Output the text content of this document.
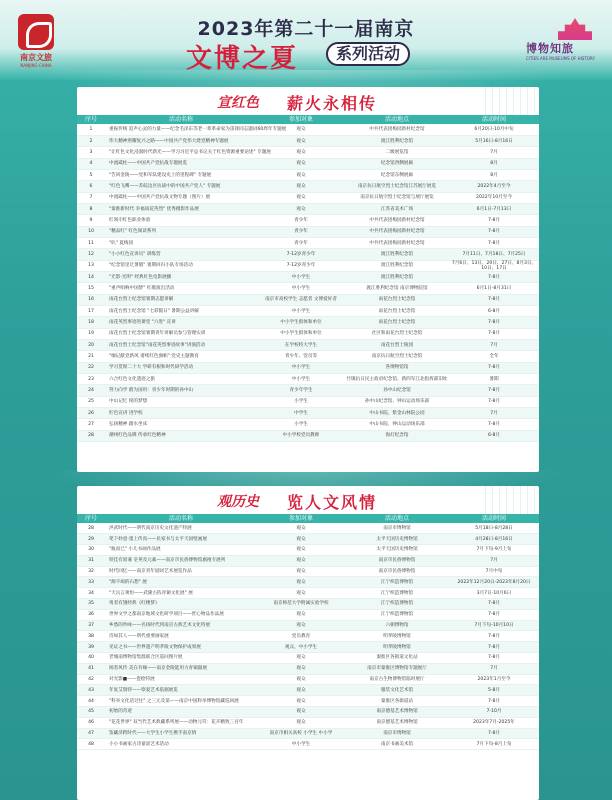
南京文旅
NANJING CHINA
2023年第二十一届南京
文博之夏	系列活动	博物知旅
CITIES ARE MUSEUMS OF HISTORY
宣红色 薪火永相传
序号	活动名称	参加对象	活动地点	活动时间
1	重振传统 追声心灵的力量——纪念毛泽东等老一辈革命家为雷锋同志题词60周年专题展	观众	中共代表团梅园新村纪念馆	6月20日-10月中旬
2	伟大精神照耀复兴之路——中国共产党伟大建党精神专题展	观众	渡江胜利纪念馆	5月16日-8月16日
3	"让红色文化浸润时代新光——学习习近平总书记关于红色资源重要论述" 专题展	观众	二级展览馆	7月
4	中流砥柱——中国共产党抗战专题展览	观众	纪念馆西侧展廊	8月
5	"告回金陵——党和军队建设史上的里程碑" 专题展	观众	纪念馆东侧展廊	8月
6	"红色飞鹰——苏皖边区抗战中的中国共产党人" 专题展	观众	南京抗日航空烈士纪念馆江苏展厅展览	2022年4月至今
7	中流砥柱——中国共产党抗战文物专题（图片）展	观众	南京抗日航空烈士纪念馆与展厅展览	2022年10月至今
8	"秦淮新时代 争福雨花英烈" 优秀摄影作品展	观众	江苏省美术广场	6月1日-7月13日
9	红领巾红色职业体验	青少年	中共代表团梅园新村纪念馆	7-8月
10	"精品红" 红色阅读系列	青少年	中共代表团梅园新村纪念馆	7-8月
11	"叭" 夏梅园	青少年	中共代表团梅园新村纪念馆	7-8月
12	"小小红色宣讲员" 训练营	7-12岁青少年	渡江胜利纪念馆	7月11日、7月18日、7月25日
13	"纪念馆里过暑假" 暑期回归小队专场活动	7-12岁青少年	渡江胜利纪念馆	7月6日、13日、20日、27日、8月3日、10日、17日
14	"光影·光明" 经典红色电影展播	中小学生	渡江胜利纪念馆	7-8月
15	"重声唱响中国梦" 红歌演出活动	中小学生	渡江胜利纪念馆 南京博物院馆	6月1日-8月31日
16	雨花台烈士纪念馆暑期志愿讲解	南京市高校学生 志愿者 文博爱好者	雨花台烈士纪念馆	7-8月
17	雨花台烈士纪念馆 "七彩假日" 暑期公益讲解	中小学生	雨花台烈士纪念馆	6-8月
18	雨花英烈事迹进课堂 "六进" 宣讲	中小学生群体和单位	雨花台烈士纪念馆	7-8月
19	雨花台烈士纪念馆暑期青年讲解员参与管理实训	中小学生群体和单位	社区和雨花台烈士纪念馆	7-8月
20	雨花台烈士纪念馆"雨花英烈事迹故事"讲演活动	在学校校大学生	雨花台烈士陵园	7月
21	"缅记献党新风 谱续红色旗帜" 党史主题教育	青少年、党员等	南京抗日航空烈士纪念馆	全年
22	学习贯彻二十大 学研有根和时代研学活动	中小学生	各博物馆馆	7-8月
23	六合红色文化遗迹之旅	中小学生	竹镇抗日民主政府纪念馆、新四军江北指挥部旧址	暑期
24	努力向学 蔚为国用：青少年时期的孙中山	青少年学生	孙中山纪念馆	7-8月
25	中山记忆 铭的梦想	小学生	孙中山纪念馆、钟山运动场乐部	7-8月
26	红色宣讲 进学校	中学生	中山书院、紫金山林院公园	7月
27	弘扬精神 踏水坐床	小学生	中山书院、钟山运动场乐部	7-8月
28	潮州红色品牌 传承红色精神	中小学校党员教师	海灯纪念馆	6-8月
观历史 览人文风情
序号	活动名称	参加对象	活动地点	活动时间
28	洪武时代——明代南京历史文化遗产特展	观众	南京市博物馆	5月18日-8月28日
29	笔下妙意·墨上传真——民家书与太平天国壁画展	观众	太平天国历史博物馆	4月28日-8月16日
30	"瓶而已" 小儿书画作品展	观众	太平天国历史博物馆	7月下旬-9月上旬
31	铁佳有原兼 皂荚及元素——南京市民俗博物馆旗袍专展列	观众	南京市民俗博物馆	7月
32	时代回忆——南京青年剧词艺术展览作品	观众	南京市民俗博物馆	7月中旬
33	"源不竭的石想" 展	观众	江宁织造博物馆	2022年12月20日-2023年8月20日
34	"天岳言须恒——武隆古阵青铜文化展" 展	观众	江宁织造博物馆	3月7日-10月6日
35	勇者有翅经典《红楼梦》	南京师范大学附属实验学校	江宁织造博物馆	7-8月
36	世界文学之都南京地域文化研学项目——匠心物品作品展	观众	江宁织造博物馆	7-8月
37	乡愁的吟咏——名扬时代到南京古典艺术文化特展	观众	六朝博物馆	7月下旬-10月10日
38	诗如其人——明代重要画家展	党员教育	明孝陵博物馆	7-8月
39	见证之书——世界遗产明孝陵文物保护成果展	观众、中小学生	明孝陵博物馆	7-8月
40	老城南博物馆集群联合区巡回图片展	观众	秦淮区各街道文化站	7-8月
41	闻者风传 美在有缘——南京金陵能用力青铜器展	观众	南京市秦淮区博物馆专题展厅	7月
42	对光影■——瓷绘特展	观众	南京古生物博物馆临时展厅	2023年1月至今
43	年复艾瑞特——察爱艺术依据展览	观众	服装文化艺术馆	5-8月
44	"科举文化话过往" 之三元及第——南京中国科举博物馆藏巡回展	观众	秦淮区各街道站	7-8月
45	初始的奇迹	观众	南京德基艺术博物馆	7-10月
46	"花花世界" 双当代艺术典藏系列展——动物元符：花卉精致三百年	观众	南京德基艺术博物馆	2023年7月-2025年
47	鉴藏济跨时代——大学生小学生携手南京情	南京市相关高校 小学生 中小学	南京市博物馆	7-8月
48	小小书画家古诗童谣艺术活动	中小学生	南京书画美术馆	7月下旬-8月上旬
